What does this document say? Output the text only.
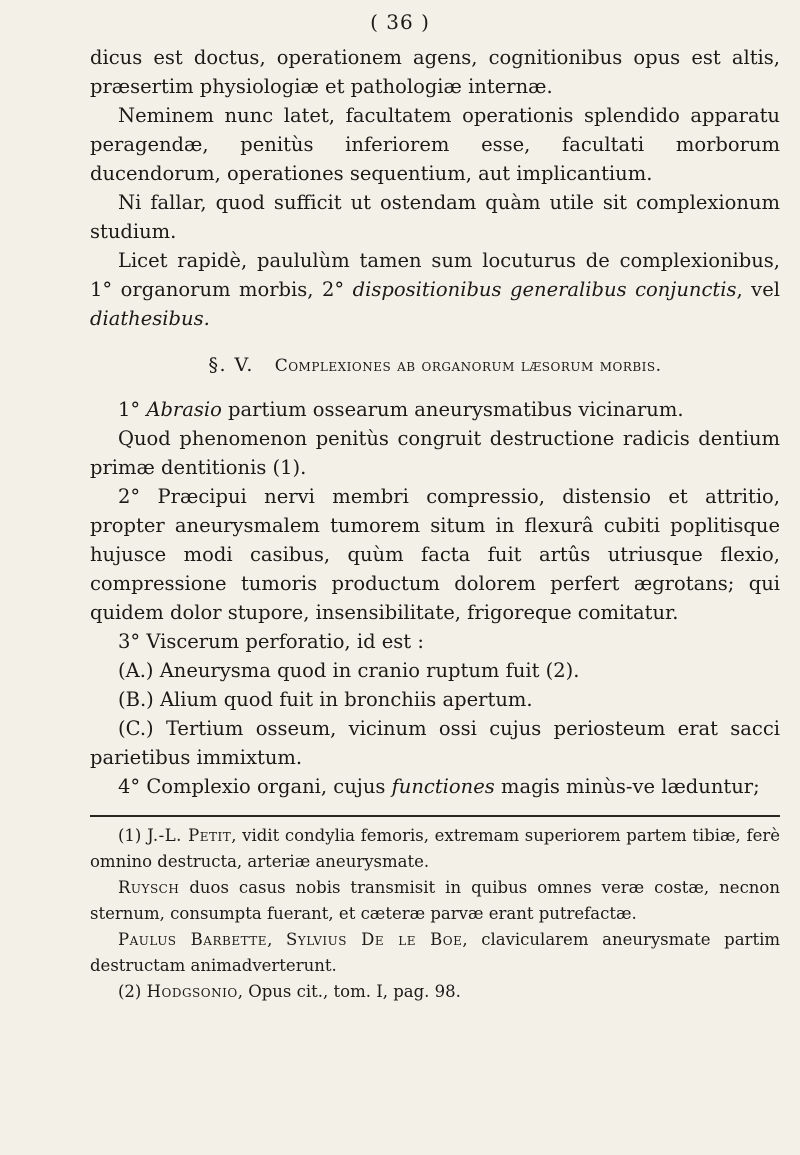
( 36 )

dicus est doctus, operationem agens, cognitionibus opus est altis, præsertim physiologiæ et pathologiæ internæ.

Neminem nunc latet, facultatem operationis splendido apparatu peragendæ, penitùs inferiorem esse, facultati morborum ducendorum, operationes sequentium, aut implicantium.

Ni fallar, quod sufficit ut ostendam quàm utile sit complexionum studium.

Licet rapidè, paululùm tamen sum locuturus de complexionibus, 1° organorum morbis, 2° dispositionibus generalibus conjunctis, vel diathesibus.

§. V. Complexiones ab organorum læsorum morbis.

1° Abrasio partium ossearum aneurysmatibus vicinarum.

Quod phenomenon penitùs congruit destructione radicis dentium primæ dentitionis (1).

2° Præcipui nervi membri compressio, distensio et attritio, propter aneurysmalem tumorem situm in flexurâ cubiti poplitisque hujusce modi casibus, quùm facta fuit artûs utriusque flexio, compressione tumoris productum dolorem perfert ægrotans; qui quidem dolor stupore, insensibilitate, frigoreque comitatur.

3° Viscerum perforatio, id est :

(A.) Aneurysma quod in cranio ruptum fuit (2).

(B.) Alium quod fuit in bronchiis apertum.

(C.) Tertium osseum, vicinum ossi cujus periosteum erat sacci parietibus immixtum.

4° Complexio organi, cujus functiones magis minùs-ve læduntur;

(1) J.-L. Petit, vidit condylia femoris, extremam superiorem partem tibiæ, ferè omnino destructa, arteriæ aneurysmate.

Ruysch duos casus nobis transmisit in quibus omnes veræ costæ, necnon sternum, consumpta fuerant, et cæteræ parvæ erant putrefactæ.

Paulus Barbette, Sylvius De le Boe, clavicularem aneurysmate partim destructam animadverterunt.

(2) Hodgsonio, Opus cit., tom. I, pag. 98.
